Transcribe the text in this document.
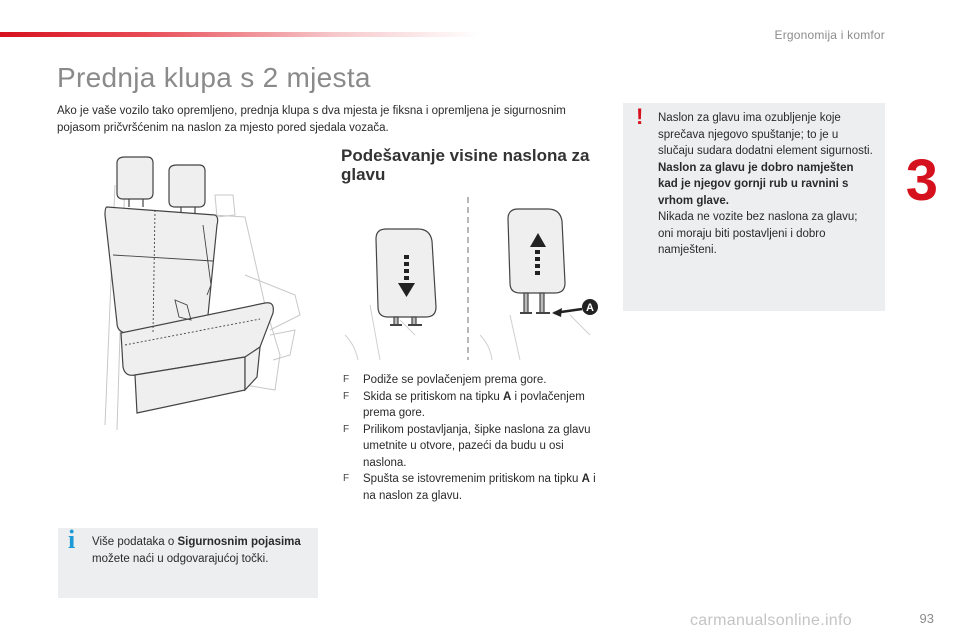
Ergonomija i komfor
3
Prednja klupa s 2 mjesta

Ako je vaše vozilo tako opremljeno, prednja klupa s dva mjesta je fiksna i opremljena je sigurnosnim pojasom pričvršćenim na naslon za mjesto pored sjedala vozača.

Podešavanje visine naslona za glavu
A
F Podiže se povlačenjem prema gore.
F Skida se pritiskom na tipku A i povlačenjem prema gore.
F Prilikom postavljanja, šipke naslona za glavu umetnite u otvore, pazeći da budu u osi naslona.
F Spušta se istovremenim pritiskom na tipku A i na naslon za glavu.
! Naslon za glavu ima ozubljenje koje sprečava njegovo spuštanje; to je u slučaju sudara dodatni element sigurnosti.
Naslon za glavu je dobro namješten kad je njegov gornji rub u ravnini s vrhom glave.
Nikada ne vozite bez naslona za glavu; oni moraju biti postavljeni i dobro namješteni.

i Više podataka o Sigurnosnim pojasima možete naći u odgovarajućoj točki.

carmanualsonline.info	93
